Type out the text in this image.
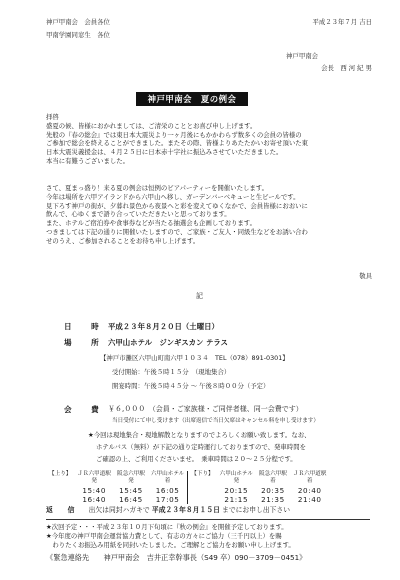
神戸甲南会　会員各位
甲南学園同窓生　各位
平成２３年７月 吉日
神戸甲南会
会長　西 河 紀 男
神戸甲南会　夏の例会

拝啓

盛夏の候、皆様におかれましては、ご清栄のこととお喜び申し上げます。

先般の『春の総会』では東日本大震災より一ヶ月後にもかかわらず数多くの会員の皆様の

ご参加で総会を終えることができました。またその際、皆様よりあたたかいお寄せ頂いた東

日本大震災義援金は、４月２５日に日本赤十字社に振込みさせていただきました。

本当に有難うございました。

さて、夏まっ盛り！来る夏の例会は恒例のビアパーティーを開催いたします。

今年は場所を六甲アイランドから六甲山へ移し、ガーデンバーベキューと生ビールです。

見下ろす神戸の街が、夕暮れ景色から夜景へと彩を変えてゆくなかで、会員皆様におおいに

飲んで、心ゆくまで語り合っていただきたいと思っております。

また、ホテルご宿泊券や食事券などが当たる抽選会も企画しております。

つきましては下記の通りに開催いたしますので、ご家族・ご友人・同級生などをお誘い合わ

せのうえ、ご参加されることをお待ち申し上げます。

敬具
記
日　時 平成２３年８月２０日（土曜日）
場　所 六甲山ホテル　ジンギスカン テラス
【神戸市灘区六甲山町南六甲１０３４　TEL（078）891-0301】
受付開始：午後５時１５分　（現地集合）
開宴時間：午後５時４５分 ～ 午後８時００分（予定）
会　費 ￥６,０００　（会員・ご家族様・ご同伴者様、同一会費です）
当日受付にて申し受けます（出席返信で当日欠席はキャンセル料を申し受けます）
★今回は現地集合・現地解散となりますのでよろしくお願い致します。なお、
ホテルバス（無料）が下記の通り定時運行しておりますので、発車時間を
ご確認の上、ご利用くださいませ。　乗車時間は２０～２５分程です。
【上り】	ＪＲ六甲道駅	阪急六甲駅	六甲山ホテル	【下り】	六甲山ホテル	阪急六甲駅	ＪＲ六甲道駅
	発	発	着		発	着	着
	15:40	15:45	16:05		20:15	20:35	20:40
	16:40	16:45	17:05		21:15	21:35	21:40
返　信 出欠は同封ハガキで 平成２３年８月１５日 までにお申し出下さい
★次回予定・・・平成２３年１０月下旬頃に『秋の例会』を開催予定しております。
★今年度の神戸甲南会運営協力費として、有志の方々にご協力（三千円以上）を賜
　わりたくお振込み用紙を同封いたしました。ご理解とご協力をお願い申し上げます。
《緊急連絡先　　神戸甲南会　吉井正幸幹事長（S49 卒）090－3709－0451》
